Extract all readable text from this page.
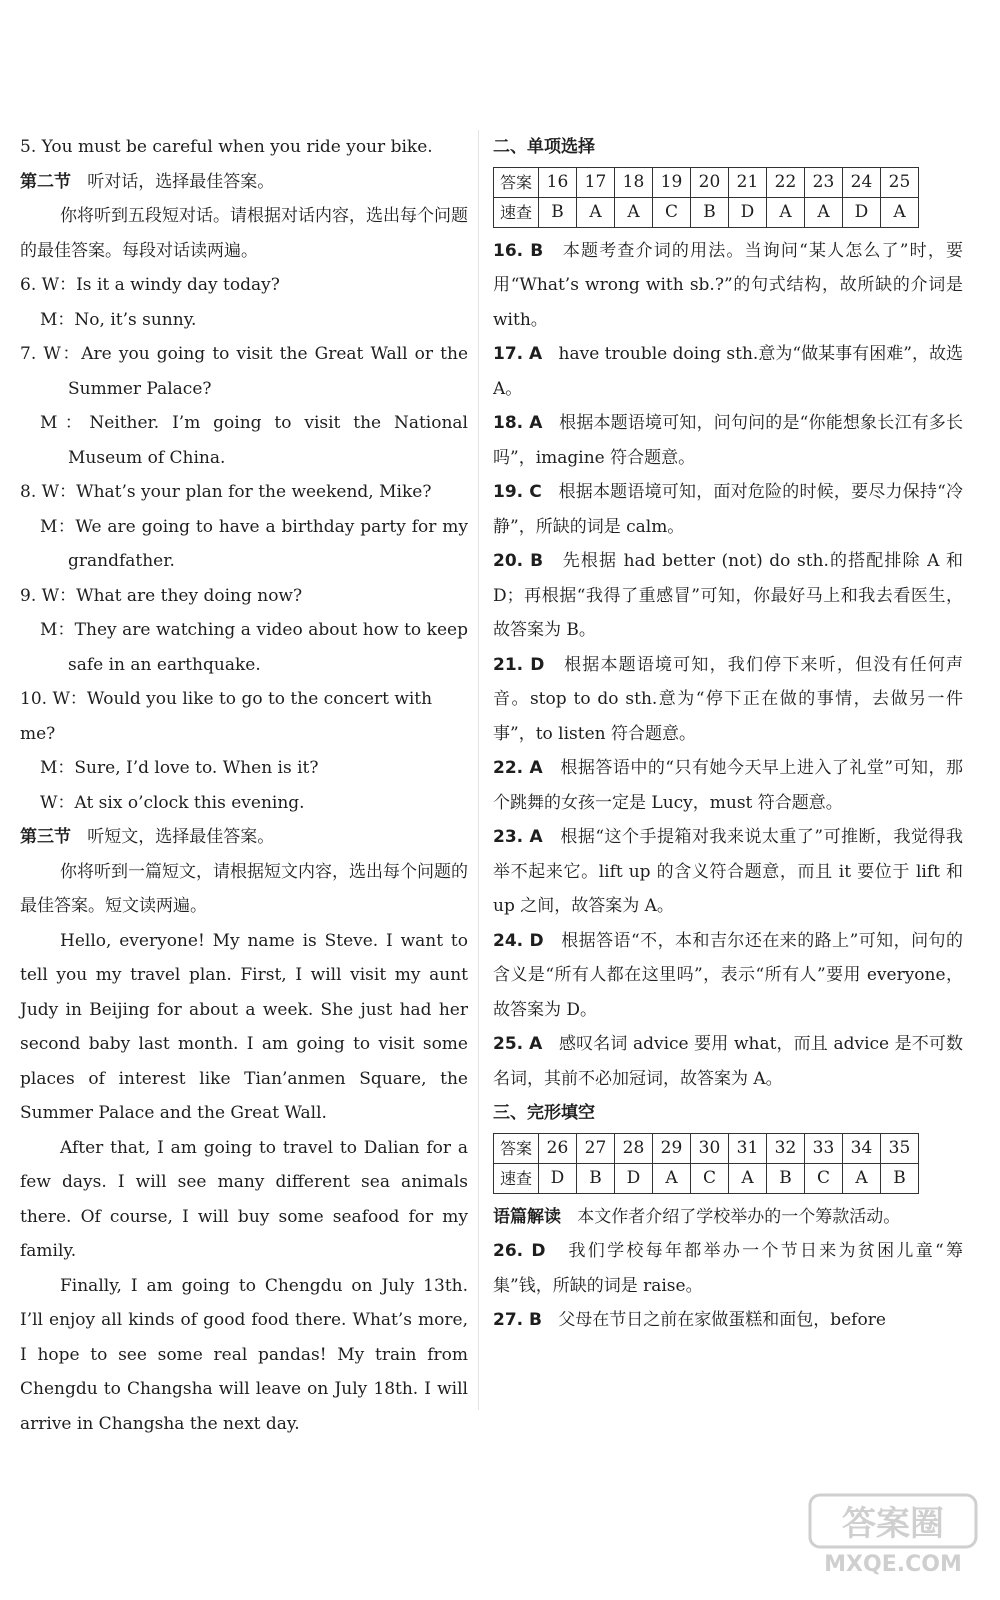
5. You must be careful when you ride your bike.

第二节 听对话，选择最佳答案。

你将听到五段短对话。请根据对话内容，选出每个问题的最佳答案。每段对话读两遍。

6. W：Is it a windy day today?

M：No, it’s sunny.

7. W：Are you going to visit the Great Wall or the Summer Palace?

M：Neither. I’m going to visit the National Museum of China.

8. W：What’s your plan for the weekend, Mike?

M：We are going to have a birthday party for my grandfather.

9. W：What are they doing now?

M：They are watching a video about how to keep safe in an earthquake.

10. W：Would you like to go to the concert with me?

M：Sure, I’d love to. When is it?

W：At six o’clock this evening.

第三节 听短文，选择最佳答案。

你将听到一篇短文，请根据短文内容，选出每个问题的最佳答案。短文读两遍。

Hello, everyone! My name is Steve. I want to tell you my travel plan. First, I will visit my aunt Judy in Beijing for about a week. She just had her second baby last month. I am going to visit some places of interest like Tian’anmen Square, the Summer Palace and the Great Wall.

After that, I am going to travel to Dalian for a few days. I will see many different sea animals there. Of course, I will buy some seafood for my family.

Finally, I am going to Chengdu on July 13th. I’ll enjoy all kinds of good food there. What’s more, I hope to see some real pandas! My train from Chengdu to Changsha will leave on July 18th. I will arrive in Changsha the next day.

二、单项选择

答案	16	17	18	19	20	21	22	23	24	25
速查	B	A	A	C	B	D	A	A	D	A

16. B 本题考查介词的用法。当询问“某人怎么了”时，要用“What’s wrong with sb.?”的句式结构，故所缺的介词是 with。

17. A have trouble doing sth.意为“做某事有困难”，故选 A。

18. A 根据本题语境可知，问句问的是“你能想象长江有多长吗”，imagine 符合题意。

19. C 根据本题语境可知，面对危险的时候，要尽力保持“冷静”，所缺的词是 calm。

20. B 先根据 had better (not) do sth.的搭配排除 A 和 D；再根据“我得了重感冒”可知，你最好马上和我去看医生，故答案为 B。

21. D 根据本题语境可知，我们停下来听，但没有任何声音。stop to do sth.意为“停下正在做的事情，去做另一件事”，to listen 符合题意。

22. A 根据答语中的“只有她今天早上进入了礼堂”可知，那个跳舞的女孩一定是 Lucy，must 符合题意。

23. A 根据“这个手提箱对我来说太重了”可推断，我觉得我举不起来它。lift up 的含义符合题意，而且 it 要位于 lift 和 up 之间，故答案为 A。

24. D 根据答语“不，本和吉尔还在来的路上”可知，问句的含义是“所有人都在这里吗”，表示“所有人”要用 everyone，故答案为 D。

25. A 感叹名词 advice 要用 what，而且 advice 是不可数名词，其前不必加冠词，故答案为 A。

三、完形填空

答案	26	27	28	29	30	31	32	33	34	35
速查	D	B	D	A	C	A	B	C	A	B

语篇解读 本文作者介绍了学校举办的一个筹款活动。

26. D 我们学校每年都举办一个节日来为贫困儿童“筹集”钱，所缺的词是 raise。

27. B 父母在节日之前在家做蛋糕和面包，before

答案圈
MXQE.COM
